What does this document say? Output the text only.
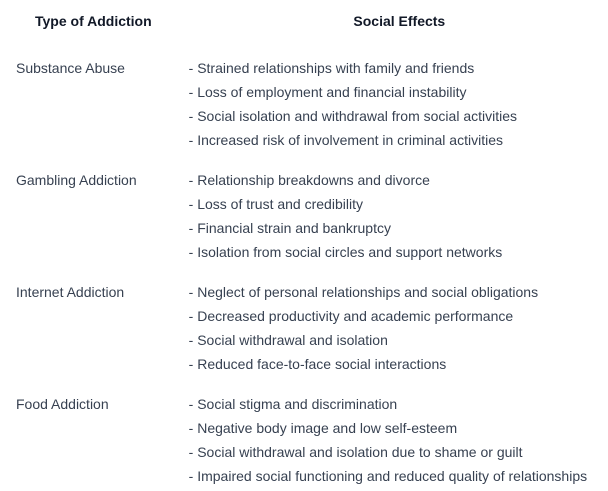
Type of Addiction	Social Effects
Substance Abuse	- Strained relationships with family and friends
- Loss of employment and financial instability
- Social isolation and withdrawal from social activities
- Increased risk of involvement in criminal activities

Gambling Addiction	- Relationship breakdowns and divorce
- Loss of trust and credibility
- Financial strain and bankruptcy
- Isolation from social circles and support networks

Internet Addiction	- Neglect of personal relationships and social obligations
- Decreased productivity and academic performance
- Social withdrawal and isolation
- Reduced face-to-face social interactions

Food Addiction	- Social stigma and discrimination
- Negative body image and low self-esteem
- Social withdrawal and isolation due to shame or guilt
- Impaired social functioning and reduced quality of relationships
